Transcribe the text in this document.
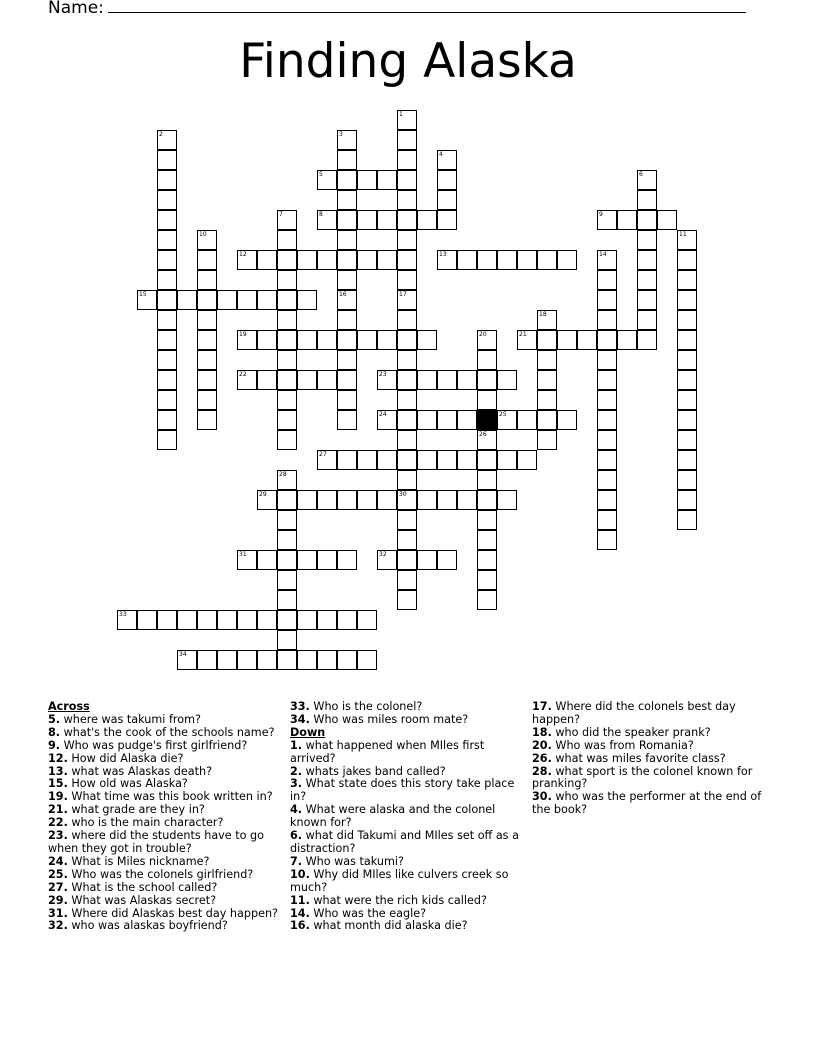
Name:
Finding Alaska
1
17
2	3
4
5	6
7	8	9
10	11
12	13	14
15	16
30
18
19	20	21
22	23
24	25
26
27
28
29
31	32
33
34
Across
5. where was takumi from?
8. what's the cook of the schools name?
9. Who was pudge's first girlfriend?
12. How did Alaska die?
13. what was Alaskas death?
15. How old was Alaska?
19. What time was this book written in?
21. what grade are they in?
22. who is the main character?
23. where did the students have to go when they got in trouble?
24. What is Miles nickname?
25. Who was the colonels girlfriend?
27. What is the school called?
29. What was Alaskas secret?
31. Where did Alaskas best day happen?
32. who was alaskas boyfriend?
33. Who is the colonel?
34. Who was miles room mate?
Down
1. what happened when MIles first arrived?
2. whats jakes band called?
3. What state does this story take place in?
4. What were alaska and the colonel known for?
6. what did Takumi and MIles set off as a distraction?
7. Who was takumi?
10. Why did MIles like culvers creek so much?
11. what were the rich kids called?
14. Who was the eagle?
16. what month did alaska die?
17. Where did the colonels best day happen?
18. who did the speaker prank?
20. Who was from Romania?
26. what was miles favorite class?
28. what sport is the colonel known for pranking?
30. who was the performer at the end of the book?
